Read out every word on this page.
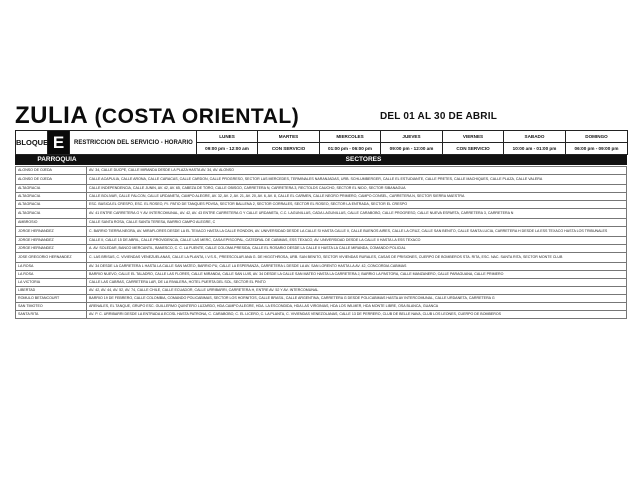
ZULIA (COSTA ORIENTAL)	DEL 01 AL 30 DE ABRIL
BLOQUE	E	RESTRICCION DEL SERVICIO - HORARIO	LUNES	MARTES	MIERCOLES	JUEVES	VIERNES	SABADO	DOMINGO
			09:00 pm - 12:00 am	CON SERVICIO	01:00 pm - 06:00 pm	09:00 pm - 12:00 am	CON SERVICIO	10:00 am - 01:00 pm	06:00 pm - 09:00 pm
PARROQUIA	SECTORES
ALONSO DE OJEDA	AV. 34, CALLE DUCPE, CALLE MIRANDA DESDE LA PLAZA HASTA AV. 34, AV. ALONSO
ALONSO DE OJEDA	CALLE ACAPULIA, CALLE ARONA, CALLE CARACAS, CALLE CARDON, CALLE PROGRESO, SECTOR LAS MERCEDES, TERMINALES NARANJADAS, URB. SCHLUMBERGER, CALLE EL ESTUDIANTE, CALLE PRETES, CALLE MACHIQUES, CALLE PLAZA, CALLE VALERA
ALTAGRACIA	CALLE INDEPENDENCIA, CALLE JUNIN, AV. 42, AV. 65, CABEZA DE TORO, CALLE OBISGO, CARRETERA N, CARRETERA 3, RECTOLDS CAUCHO, SECTOR EL NIDO, SECTOR SIBANAGUA
ALTAGRACIA	CALLE BOLIVAR, CALLE FALCON, CALLE URDANETA, CAMPO ALEGRE, AV. 32, AV. 2, AV. 21, AV. 20, AV. 6, AV. 8, CALLE EL CARMEN, CALLE NEGRO PRIMERO, CAMPO CONSEL, CARRETERA N, SECTOR SIERRA MAESTRA
ALTAGRACIA	ESC. BASICA EL CRESPO, ESC. EL ROSEO, P.I. PATIO DE TANQUES PDVSA, SECTOR BALLENA 2, SECTOR CORRALES, SECTOR EL ROSEO, SECTOR LA ENTRADA, SECTOR EL CRESPO
ALTAGRACIA	AV. 41 ENTRE CARRETERA G Y AV. INTERCOMUNAL, AV. 42, AV. 43 ENTRE CARRETERA G Y CALLE URDANETA, C.C. LAGUNILLAS, CADA LAGUNILLAS, CALLE CARABOBO, CALLE PROGRESO, CALLE NUEVA ESPARTA, CARRETERA 3, CARRETERA N
AMBROSIO	CALLE SANTA ROSA, CALLE SANTA TERESA, BARRIO CAMPO ALEGRE, C
JORGE HERNANDEZ	C. BARRIO TIERRA NEGRA, AV. MIRAFLORES DESDE LA EL TEXACO HASTA LA CALLE RONDON, AV. UNIVERSIDAD DESDE LA CALLE SI HASTA CALLE II, CALLE BUENOS AIRES, CALLE LA CRUZ, CALLE SAN BENITO, CALLE SANTA LUCIA, CARRETERA H DESDE LA ESS TEXACO HASTA LOS TRIBUNALES
JORGE HERNANDEZ	CALLE II, CALLE 15 DE ABRIL, CALLE PROVIDENCIA, CALLE LAS MERC, CASA EPISCOPAL, CATEDRAL DE CABIMAS, ESS TEXACO, AV. UNIVERSIDAD DESDE LA CALLE II HASTA LA ESS TEXACO
JORGE HERNANDEZ	A. AV. SOLEDAR, BANCO MERCANTIL, BANESCO, C. C. LA FUENTE, CALLE COLOMA PRESIDA, CALLE EL ROSARIO DESDE LA CALLE II HASTA LA CALLE MIRANDA, COMANDO POLICIAL
JOSE GREGORIO HERNANDEZ	C. LAS BRISAS, C. VIVIENDAS VENEZUELANAS, CALLE LA PLANTA, I.V.S.S., PREESCOLAR ANA G. DE HIGGTHROSA, URB. SAN BENITO, SECTOR VIVIENDAS RURALES, CASAS DE PRISIONES, CUERPO DE BOMBEROS STA. RITA, ESC. NAC. SANTA RITA, SECTOR MONTE CLUB
LA ROSA	AV. 34 DESDE LA CARRETERA L HASTA LA CALLE SAN MATEO, BARRIO PU, CALLE LA ESPERANZA, CARRETERA L DESDE LA AV. SAN LORENTO HASTA LA AV. 42, CONCORDIA CABIMAS
LA ROSA	BARRIO NUEVO, CALLE EL TALADRO, CALLE LAS FLORES, CALLE MIRANDA, CALLE SAN LUIS, AV. 34 DESDE LA CALLE SAN MATEO HASTA LA CARRETERA J, BARRIO LA PASTORA, CALLE MANZANERO, CALLE PARAGUANA, CALLE PRIMERO
LA VICTORIA	CALLE LAS CABRAS, CARRETERA LAR, DE LA RIVALERA, HOTEL PUERTA DEL SOL, SECTOR EL PINTO
LIBERTAD	AV. 42, AV. 44, AV. 52, AV. 74, CALLE CHILE, CALLE ECUADOR, CALLE URRIBARRI, CARRETERA H, ENTRE AV. 52 Y AV. INTERCOMUNAL
ROMULO BETANCOURT	BARRIO 19 DE FEBRERO, CALLE COLOMBIA, COMANDO POLICABIMAS, SECTOR LOS HORNITOS, CALLE BRASIL, CALLE ARGENTINA, CARRETERA G DESDE POLICABIMAS HASTA AV INTERCOMUNAL, CALLE URDANETA, CARRETERA G
SAN TIMOTEO	ARENALES, EL TANQUE, GRUPO ESC. GUILLERMO QUINTERO LUZARDO, HDA CAMPO ALEGRE, HDA. LA ESCONDIDA, HDA LAS VIRGINIAS, HDA LOS WILMER, HDA MONTE LIBRE, OSA BLANCA, GUANCA
SANTA RITA	AV. P. C. URRIBARRI DESDE LA ENTRADA A ECOSL HASTA PATRONA, C. CARABOBO, C. EL LICERO, C. LA PLANTA, C. VIVIENDAS VENEZOLANAS, CALLE 13 DE PERRERO, CLUB DE BELLE NAVA, CLUB LOS LEONES, CUERPO DE BOMBEROS
